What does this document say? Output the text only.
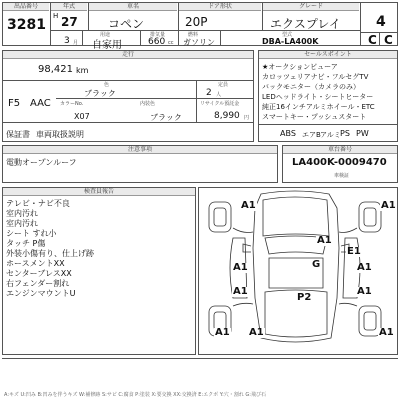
出品番号
3281
年式
H 27
車名
コペン
ドア形状
20P
グレード
エクスプレイ	4
3 月
用途
自家用
排気量
660 cc
燃料
ガソリン
型式
DBA-LA400K	C C
走行
98,421 km
色
ブラック
定員
2 人
F5 AAC カラーNo.	内装色	リサイクル預託金
X07	ブラック	8,990 円
保証書 車両取扱説明
セールスポイント
★オークションビューア
カロッツェリアナビ・フルセグTV
バックモニター（カメラのみ）
LEDヘッドライト・シートヒーター
純正16インチアルミホイール・ETC
スマートキー・プッシュスタート
ABS エアB アルミ PS PW
注意事項
電動オープンルーフ
車台番号
LA400K-0009470
車検証
検査員報告
テレビ・ナビ不良
室内汚れ
室内汚れ
シート すれ小
タッチ P傷
外装小傷有り、仕上げ跡
ホースメントXX
センターブレスXX
右フェンダー割れ
エンジンマウントU
A1	A1
A1
E1
A1	A1
G
A1	A1
P2
A1 A1	A1
A:キズ U:凹み B:凹みを伴うキズ W:補修跡 S:サビ C:腐食 P:塗装 X:要交換 XX:交換済 E:エクボ Y:穴・割れ G:飛び石
